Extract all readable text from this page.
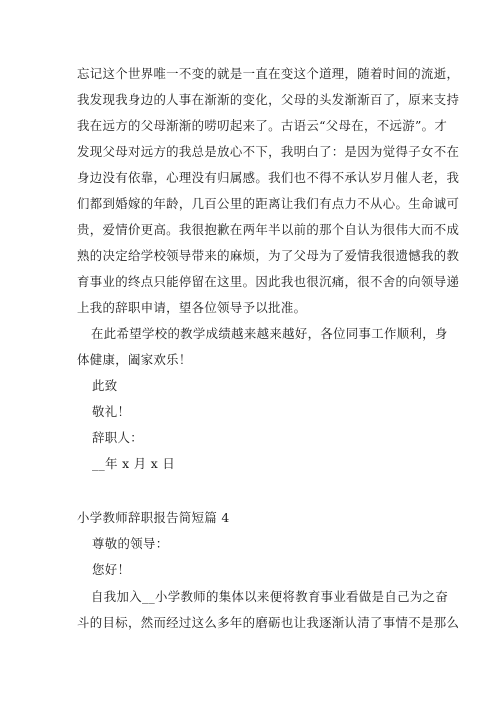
忘记这个世界唯一不变的就是一直在变这个道理，随着时间的流逝，
我发现我身边的人事在渐渐的变化，父母的头发渐渐百了，原来支持
我在远方的父母渐渐的唠叨起来了。古语云“父母在，不远游”。才
发现父母对远方的我总是放心不下，我明白了：是因为觉得子女不在
身边没有依靠，心理没有归属感。我们也不得不承认岁月催人老，我
们都到婚嫁的年龄，几百公里的距离让我们有点力不从心。生命诚可
贵，爱情价更高。我很抱歉在两年半以前的那个自认为很伟大而不成
熟的决定给学校领导带来的麻烦，为了父母为了爱情我很遗憾我的教
育事业的终点只能停留在这里。因此我也很沉痛，很不舍的向领导递
上我的辞职申请，望各位领导予以批准。
在此希望学校的教学成绩越来越来越好，各位同事工作顺利，身
体健康，阖家欢乐！
此致
敬礼！
辞职人：
__年 x 月 x 日
小学教师辞职报告简短篇 4
尊敬的领导：
您好！
自我加入__小学教师的集体以来便将教育事业看做是自己为之奋
斗的目标，然而经过这么多年的磨砺也让我逐渐认清了事情不是那么
